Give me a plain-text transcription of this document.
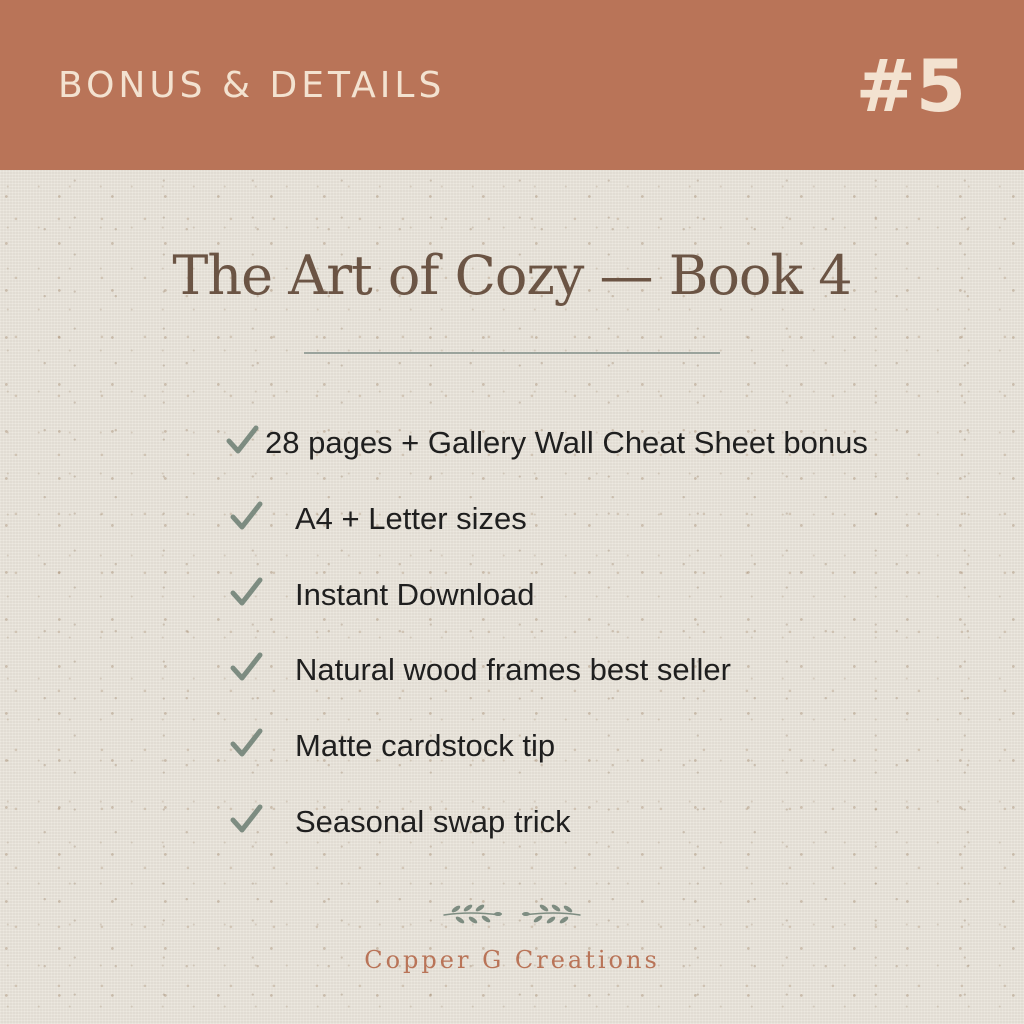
BONUS & DETAILS	#5
The Art of Cozy — Book 4
28 pages + Gallery Wall Cheat Sheet bonus
A4 + Letter sizes
Instant Download
Natural wood frames best seller
Matte cardstock tip
Seasonal swap trick
Copper G Creations
